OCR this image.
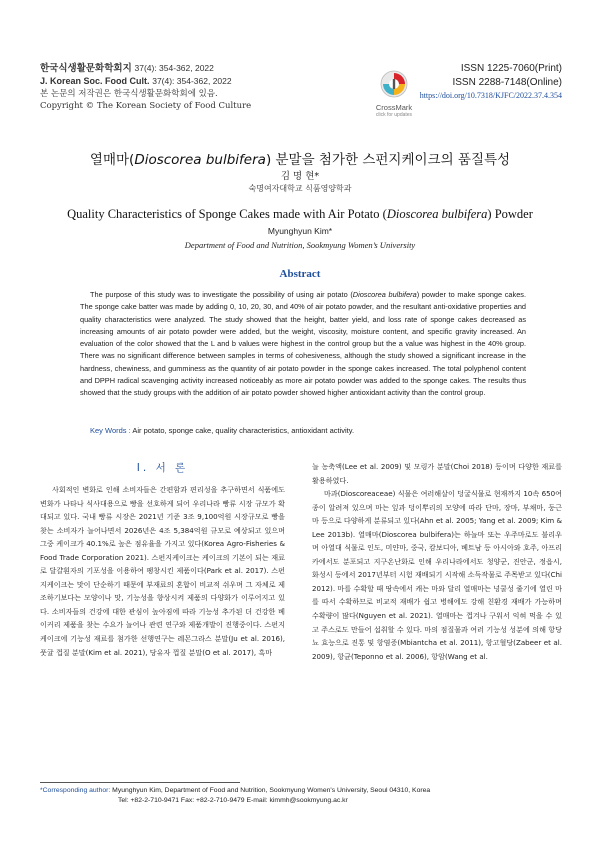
한국식생활문화학회지 37(4): 354-362, 2022
J. Korean Soc. Food Cult. 37(4): 354-362, 2022
본 논문의 저작권은 한국식생활문화학회에 있음.
Copyright © The Korean Society of Food Culture	CrossMark
click for updates
ISSN 1225-7060(Print)
ISSN 2288-7148(Online)
https://doi.org/10.7318/KJFC/2022.37.4.354
열매마(Dioscorea bulbifera) 분말을 첨가한 스펀지케이크의 품질특성
김 명 현*
숙명여자대학교 식품영양학과
Quality Characteristics of Sponge Cakes made with Air Potato (Dioscorea bulbifera) Powder
Myunghyun Kim*
Department of Food and Nutrition, Sookmyung Women’s University
Abstract
The purpose of this study was to investigate the possibility of using air potato (Dioscorea bulbifera) powder to make sponge cakes. The sponge cake batter was made by adding 0, 10, 20, 30, and 40% of air potato powder, and the resultant anti-oxidative properties and quality characteristics were analyzed. The study showed that the height, batter yield, and loss rate of sponge cakes decreased as increasing amounts of air potato powder were added, but the weight, viscosity, moisture content, and specific gravity increased. An evaluation of the color showed that the L and b values were highest in the control group but the a value was highest in the 40% group. There was no significant difference between samples in terms of cohesiveness, although the study showed a significant increase in the hardness, chewiness, and gumminess as the quantity of air potato powder in the sponge cakes increased. The total polyphenol content and DPPH radical scavenging activity increased noticeably as more air potato powder was added to the sponge cakes. The results thus showed that the study groups with the addition of air potato powder showed higher antioxidant activity than the control group.
Key Words : Air potato, sponge cake, quality characteristics, antioxidant activity.
I. 서 론
사회적인 변화로 인해 소비자들은 간편함과 편리성을 추구하면서 식품에도 변화가 나타나 식사대용으로 빵을 선호하게 되어 우리나라 빵류 시장 규모가 확대되고 있다. 국내 빵류 시장은 2021년 기준 3조 9,100억원 시장규모로 빵을 찾는 소비자가 늘어나면서 2026년은 4조 5,384억원 규모로 예상되고 있으며 그중 케이크가 40.1%로 높은 점유율을 가지고 있다(Korea Agro-Fisheries & Food Trade Corporation 2021). 스펀지케이크는 케이크의 기본이 되는 재료로 달걀흰자의 기포성을 이용하여 팽창시킨 제품이다(Park et al. 2017). 스펀지케이크는 맛이 단순하기 때문에 부재료의 혼합이 비교적 쉬우며 그 자체로 제조하기보다는 모양이나 맛, 기능성을 향상시켜 제품의 다양화가 이루어지고 있다. 소비자들의 건강에 대한 관심이 높아짐에 따라 기능성 추가된 더 건강한 베이커리 제품을 찾는 수요가 늘어나 관련 연구와 제품개발이 진행중이다. 스펀지케이크에 기능성 재료를 첨가한 선행연구는 레몬그라스 분말(Ju et al. 2016), 풋귤 껍질 분말(Kim et al. 2021), 당유자 껍질 분말(O et al. 2017), 흑마
늘 농축액(Lee et al. 2009) 및 모링가 분말(Choi 2018) 등이며 다양한 재료를 활용하였다.
마과(Dioscoreaceae) 식물은 여러해살이 덩굴식물로 현재까지 10속 650여 종이 알려져 있으며 마는 잎과 덩이뿌리의 모양에 따라 단마, 장마, 부채마, 둥근마 등으로 다양하게 분류되고 있다(Ahn et al. 2005; Yang et al. 2009; Kim & Lee 2013b). 열매마(Dioscorea bulbifera)는 하늘마 또는 우주마로도 불리우며 아열대 식물로 인도, 미얀마, 중국, 캄보디아, 베트남 등 아시아와 호주, 아프리카에서도 분포되고 지구온난화로 인해 우리나라에서도 청양군, 진안군, 정읍시, 화성시 등에서 2017년부터 시험 재배되기 시작해 소득작물로 주목받고 있다(Chi 2012). 마를 수확할 때 땅속에서 캐는 마와 달리 열매마는 넝쿨성 줄기에 열린 마를 따서 수확하므로 비교적 재배가 쉽고 병해에도 강해 친환경 재배가 가능하며 수확량이 많다(Nguyen et al. 2021). 열매마는 껍겨나 구워서 익혀 먹을 수 있고 주스로도 만들어 섭취할 수 있다. 마의 점질물과 여러 기능성 성분에 의해 항당뇨 효능으로 진통 및 항염증(Mbiantcha et al. 2011), 항고혈당(Zabeer et al. 2009), 항균(Teponno et al. 2006), 항암(Wang et al.
*Corresponding author: Myunghyun Kim, Department of Food and Nutrition, Sookmyung Women's University, Seoul 04310, Korea
Tel: +82-2-710-9471 Fax: +82-2-710-9479 E-mail: kimmh@sookmyung.ac.kr
